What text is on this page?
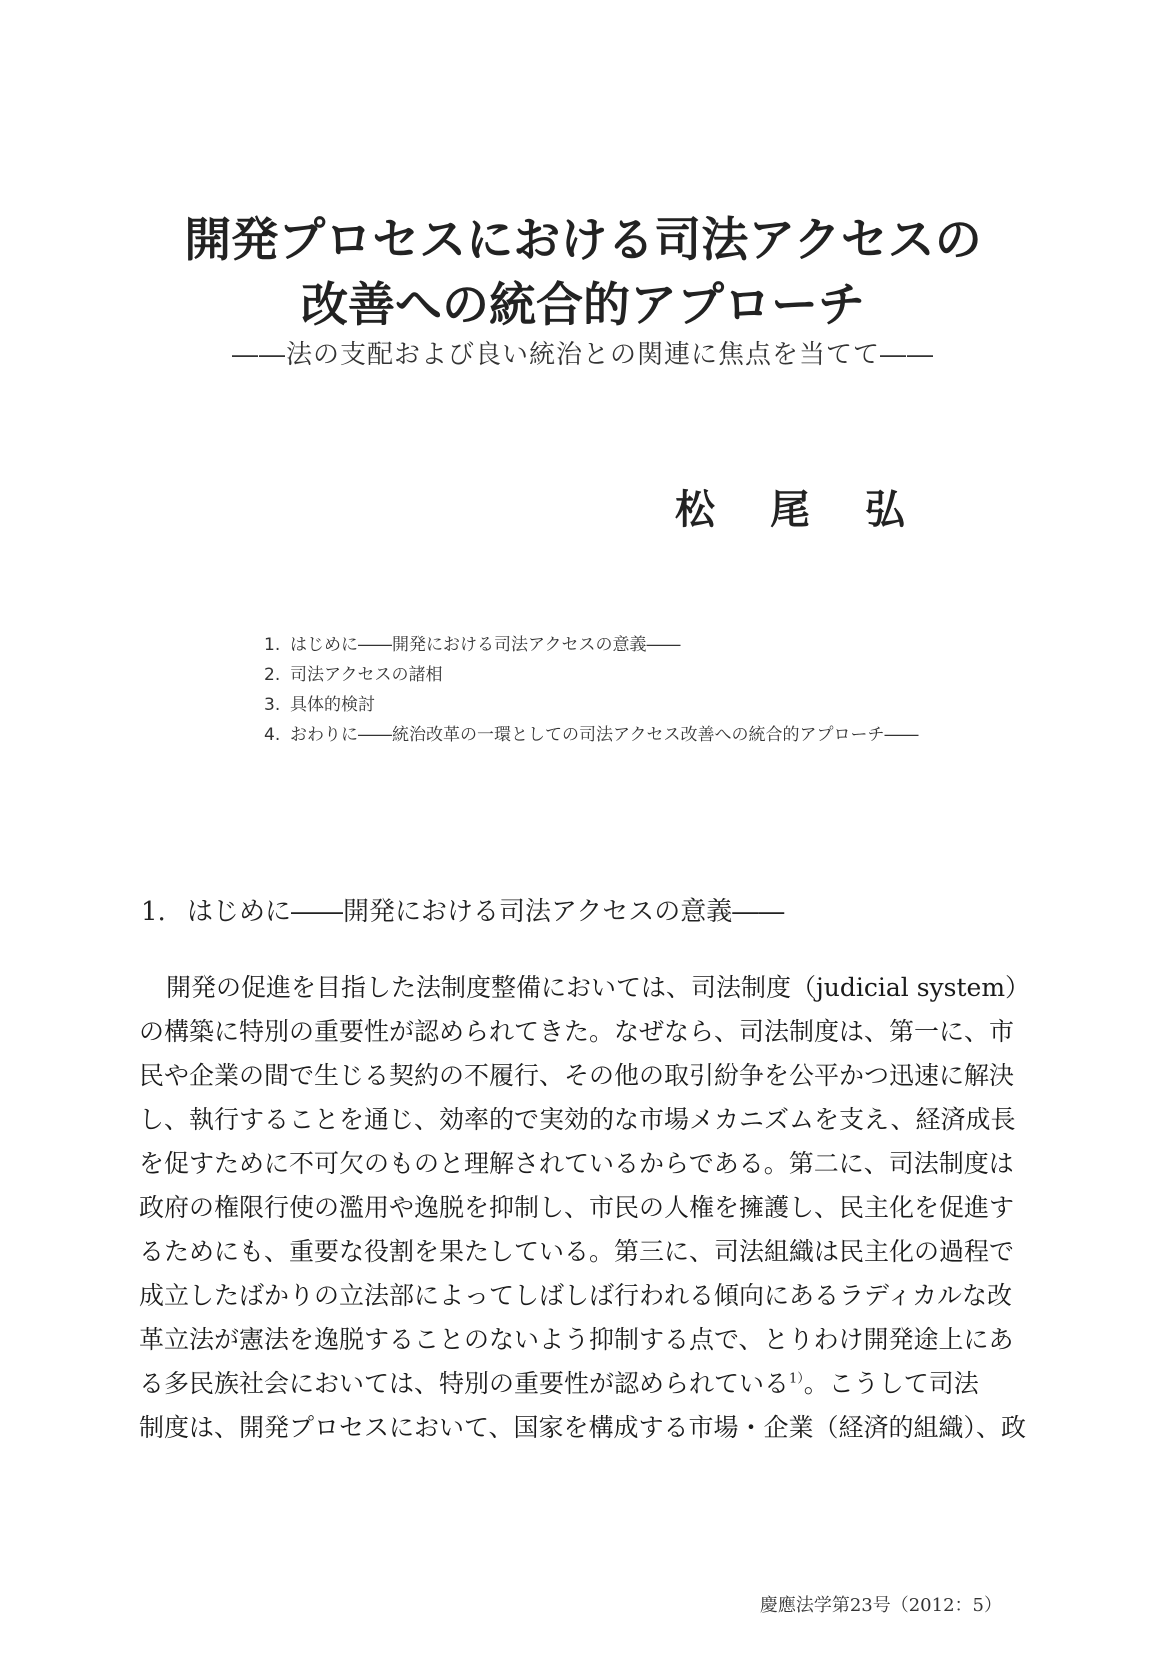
開発プロセスにおける司法アクセスの
改善への統合的アプローチ
――法の支配および良い統治との関連に焦点を当てて――
松尾弘
1. はじめに――開発における司法アクセスの意義――
2. 司法アクセスの諸相
3. 具体的検討
4. おわりに――統治改革の一環としての司法アクセス改善への統合的アプローチ――
1. はじめに――開発における司法アクセスの意義――
開発の促進を目指した法制度整備においては、司法制度（judicial system）
の構築に特別の重要性が認められてきた。なぜなら、司法制度は、第一に、市
民や企業の間で生じる契約の不履行、その他の取引紛争を公平かつ迅速に解決
し、執行することを通じ、効率的で実効的な市場メカニズムを支え、経済成長
を促すために不可欠のものと理解されているからである。第二に、司法制度は
政府の権限行使の濫用や逸脱を抑制し、市民の人権を擁護し、民主化を促進す
るためにも、重要な役割を果たしている。第三に、司法組織は民主化の過程で
成立したばかりの立法部によってしばしば行われる傾向にあるラディカルな改
革立法が憲法を逸脱することのないよう抑制する点で、とりわけ開発途上にあ
る多民族社会においては、特別の重要性が認められている$^{1)}$。こうして司法
制度は、開発プロセスにおいて、国家を構成する市場・企業（経済的組織）、政
慶應法学第23号（2012：5）
